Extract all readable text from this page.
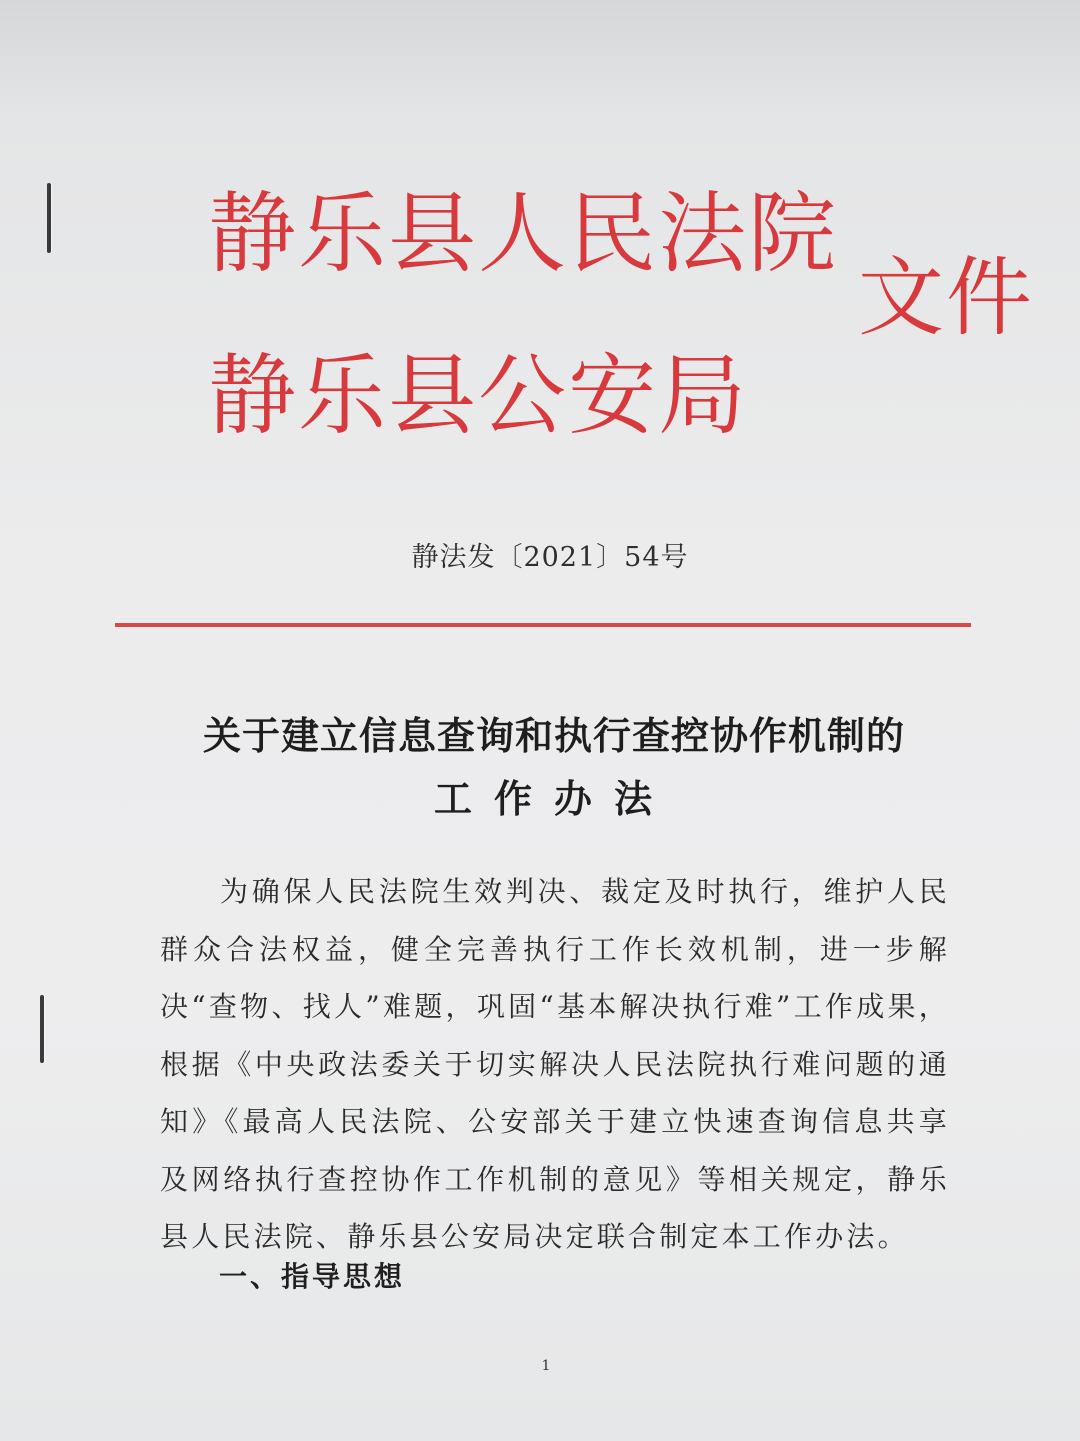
静乐县人民法院
静乐县公安局
文件
静法发〔2021〕54号
关于建立信息查询和执行查控协作机制的
工作办法

为确保人民法院生效判决、裁定及时执行，维护人民群众合法权益，健全完善执行工作长效机制，进一步解决“查物、找人”难题，巩固“基本解决执行难”工作成果，根据《中央政法委关于切实解决人民法院执行难问题的通知》《最高人民法院、公安部关于建立快速查询信息共享及网络执行查控协作工作机制的意见》等相关规定，静乐县人民法院、静乐县公安局决定联合制定本工作办法。

一、指导思想
1
